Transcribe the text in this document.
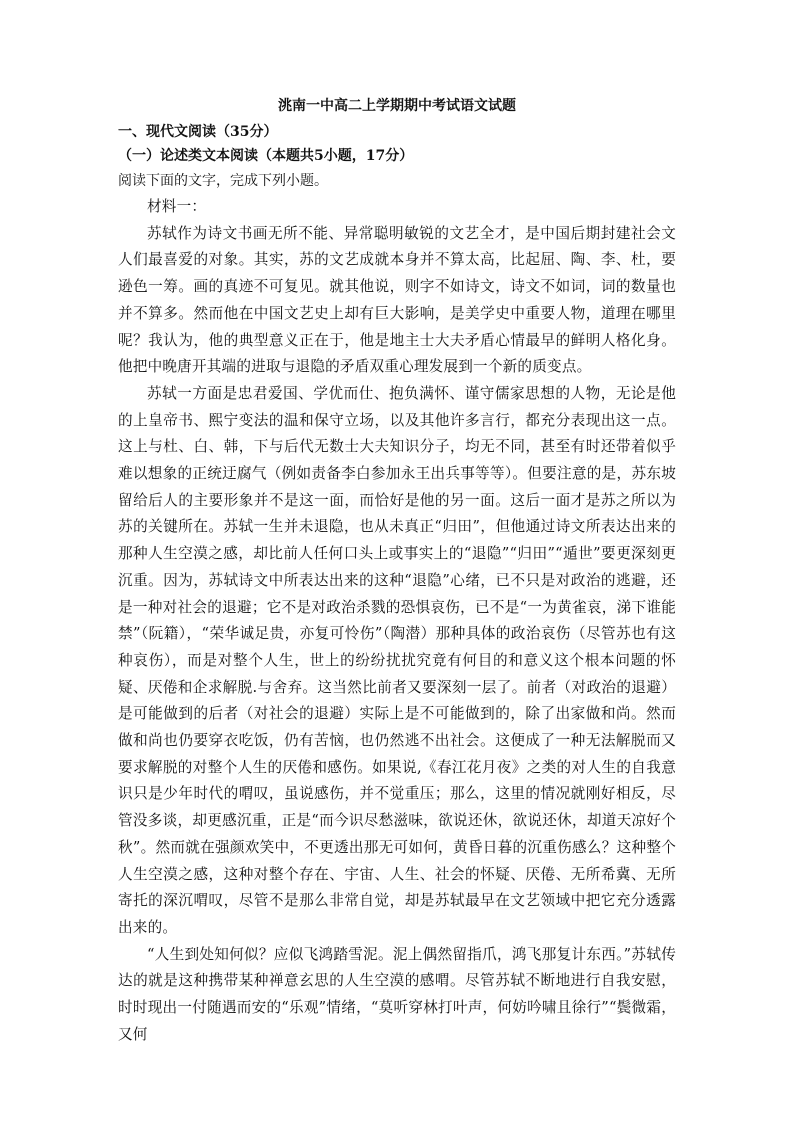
洮南一中高二上学期期中考试语文试题

一、现代文阅读（35分）

（一）论述类文本阅读（本题共5小题，17分）

阅读下面的文字，完成下列小题。

材料一：

苏轼作为诗文书画无所不能、异常聪明敏锐的文艺全才，是中国后期封建社会文人们最喜爱的对象。其实，苏的文艺成就本身并不算太高，比起屈、陶、李、杜，要逊色一筹。画的真迹不可复见。就其他说，则字不如诗文，诗文不如词，词的数量也并不算多。然而他在中国文艺史上却有巨大影响，是美学史中重要人物，道理在哪里呢？我认为，他的典型意义正在于，他是地主士大夫矛盾心情最早的鲜明人格化身。他把中晚唐开其端的进取与退隐的矛盾双重心理发展到一个新的质变点。

苏轼一方面是忠君爱国、学优而仕、抱负满怀、谨守儒家思想的人物，无论是他的上皇帝书、熙宁变法的温和保守立场，以及其他许多言行，都充分表现出这一点。这上与杜、白、韩，下与后代无数士大夫知识分子，均无不同，甚至有时还带着似乎难以想象的正统迂腐气（例如责备李白参加永王出兵事等等）。但要注意的是，苏东坡留给后人的主要形象并不是这一面，而恰好是他的另一面。这后一面才是苏之所以为苏的关键所在。苏轼一生并未退隐，也从未真正“归田”，但他通过诗文所表达出来的那种人生空漠之感，却比前人任何口头上或事实上的“退隐”“归田”“遁世”要更深刻更沉重。因为，苏轼诗文中所表达出来的这种“退隐”心绪，已不只是对政治的逃避，还是一种对社会的退避；它不是对政治杀戮的恐惧哀伤，已不是“一为黄雀哀，涕下谁能禁”（阮籍），“荣华诚足贵，亦复可怜伤”（陶潜）那种具体的政治哀伤（尽管苏也有这种哀伤），而是对整个人生，世上的纷纷扰扰究竟有何目的和意义这个根本问题的怀疑、厌倦和企求解脱.与舍弃。这当然比前者又要深刻一层了。前者（对政治的退避）是可能做到的后者（对社会的退避）实际上是不可能做到的，除了出家做和尚。然而做和尚也仍要穿衣吃饭，仍有苦恼，也仍然逃不出社会。这便成了一种无法解脱而又要求解脱的对整个人生的厌倦和感伤。如果说,《春江花月夜》之类的对人生的自我意识只是少年时代的喟叹，虽说感伤，并不觉重压；那么，这里的情况就刚好相反，尽管没多谈，却更感沉重，正是“而今识尽愁滋味，欲说还休，欲说还休，却道天凉好个秋”。然而就在强颜欢笑中，不更透出那无可如何，黄昏日暮的沉重伤感么？这种整个人生空漠之感，这种对整个存在、宇宙、人生、社会的怀疑、厌倦、无所希冀、无所寄托的深沉喟叹，尽管不是那么非常自觉，却是苏轼最早在文艺领域中把它充分透露出来的。

“人生到处知何似？应似飞鸿踏雪泥。泥上偶然留指爪，鸿飞那复计东西。”苏轼传达的就是这种携带某种禅意玄思的人生空漠的感喟。尽管苏轼不断地进行自我安慰，时时现出一付随遇而安的“乐观”情绪，“莫听穿林打叶声，何妨吟啸且徐行”“鬓微霜，又何
